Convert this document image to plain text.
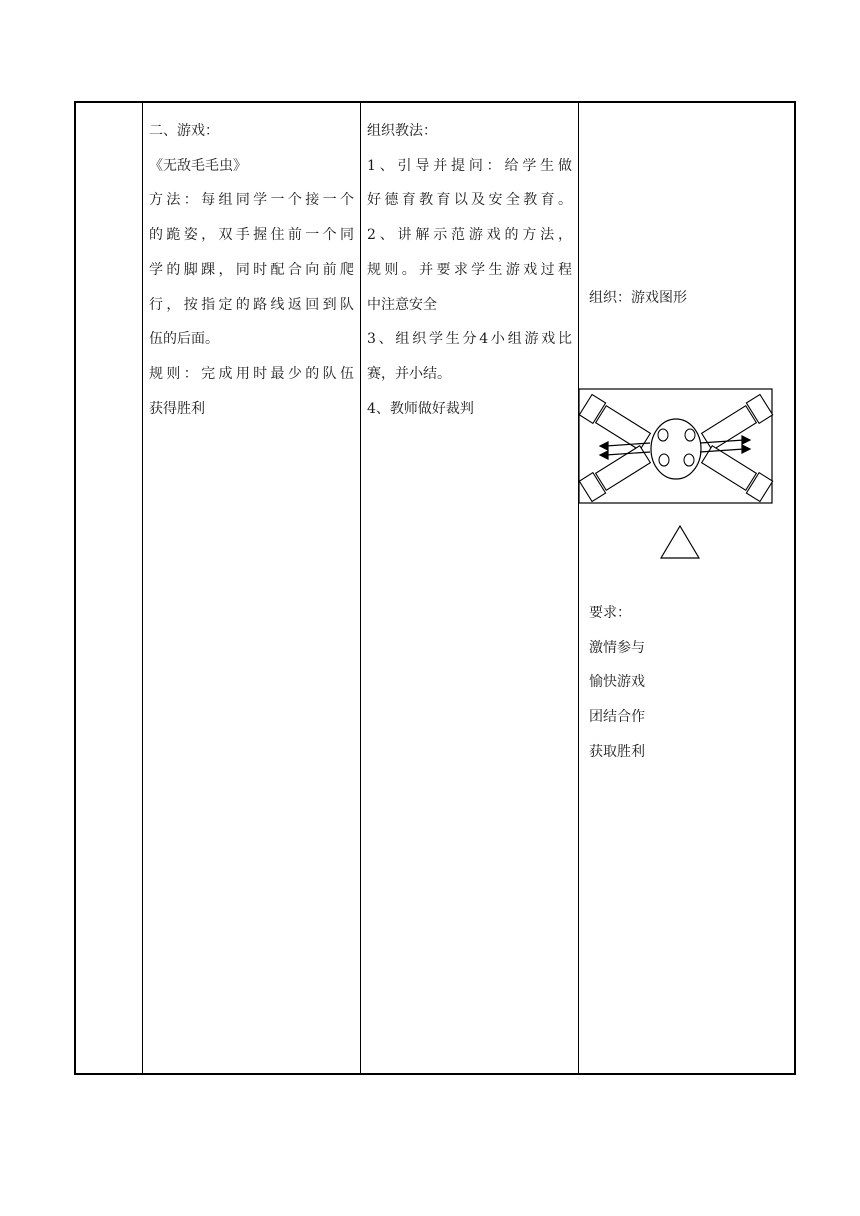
二、游戏：

《无敌毛毛虫》

方法：每组同学一个接一个

的跪姿，双手握住前一个同

学的脚踝，同时配合向前爬

行，按指定的路线返回到队

伍的后面。

规则：完成用时最少的队伍

获得胜利

组织教法：

1、引导并提问：给学生做

好德育教育以及安全教育。

2、讲解示范游戏的方法，

规则。并要求学生游戏过程

中注意安全

3、组织学生分4小组游戏比

赛，并小结。

4、教师做好裁判

组织：游戏图形

要求：

激情参与

愉快游戏

团结合作

获取胜利
